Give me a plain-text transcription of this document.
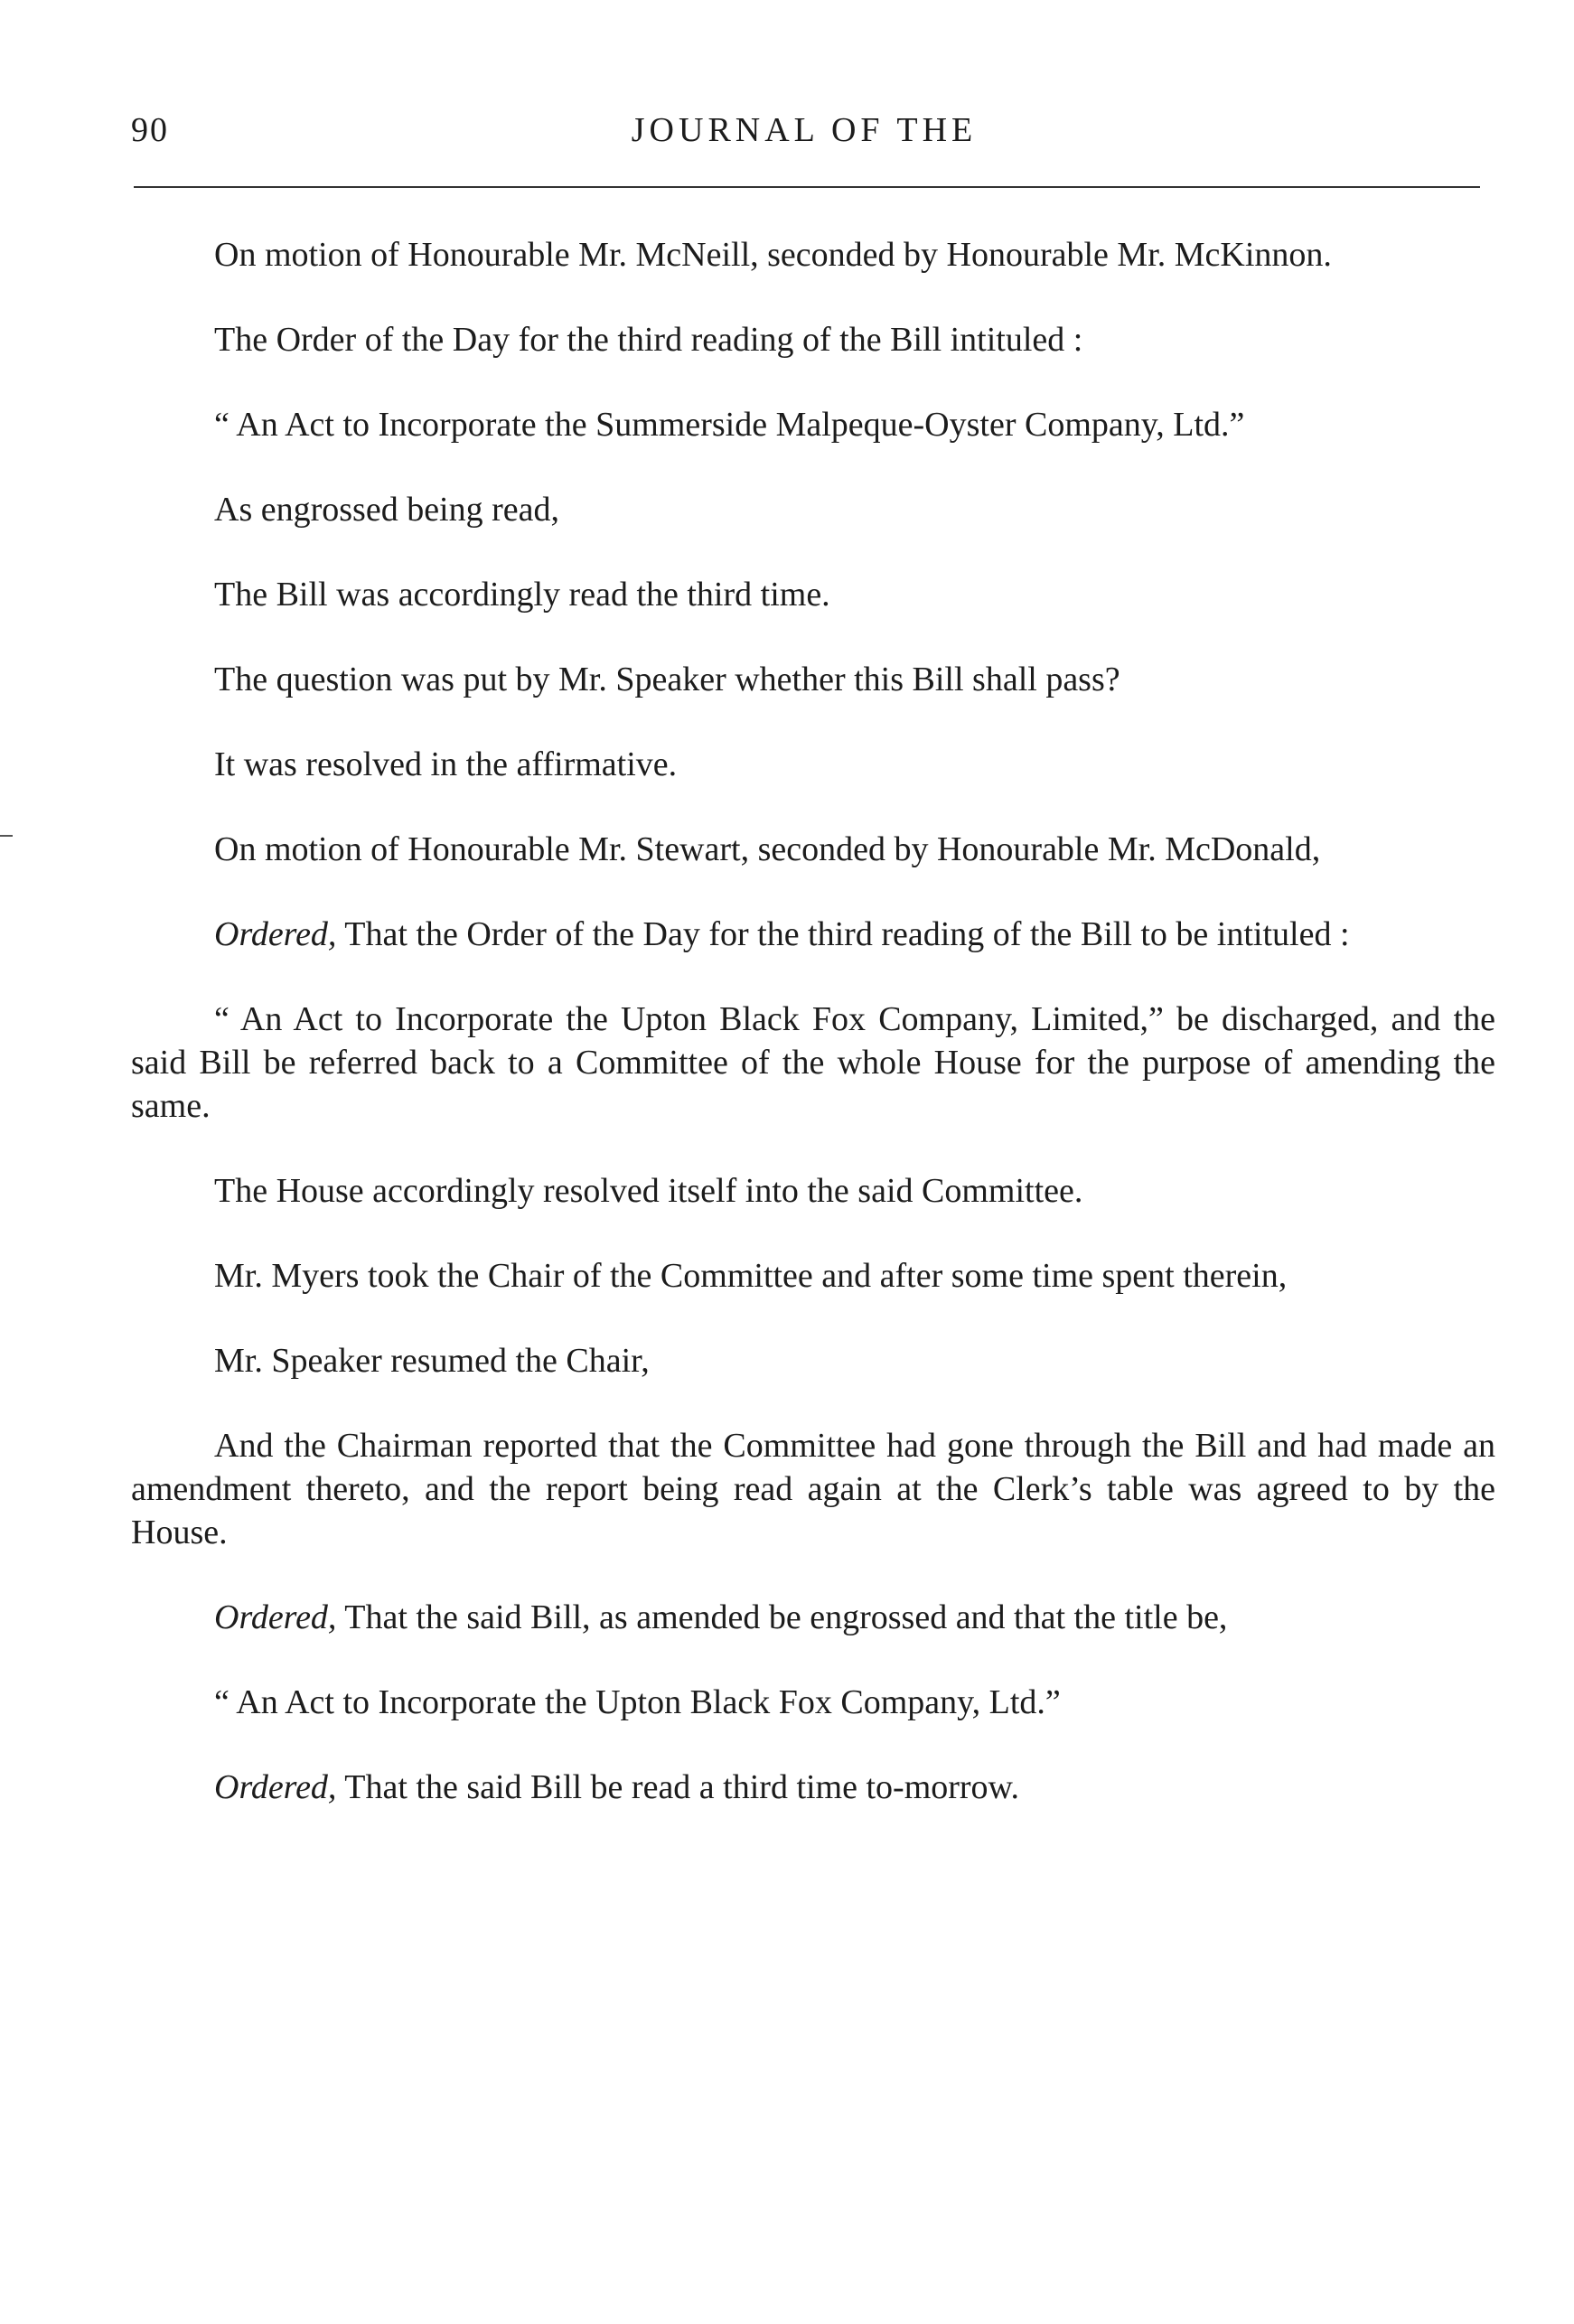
90	JOURNAL OF THE

On motion of Honourable Mr. McNeill, seconded by Honourable Mr. McKinnon.

The Order of the Day for the third reading of the Bill intituled :

“ An Act to Incorporate the Summerside Malpeque-Oyster Company, Ltd.”

As engrossed being read,

The Bill was accordingly read the third time.

The question was put by Mr. Speaker whether this Bill shall pass?

It was resolved in the affirmative.

On motion of Honourable Mr. Stewart, seconded by Honourable Mr. McDonald,

Ordered, That the Order of the Day for the third reading of the Bill to be intituled :

“ An Act to Incorporate the Upton Black Fox Company, Limited,” be discharged, and the said Bill be referred back to a Committee of the whole House for the purpose of amending the same.

The House accordingly resolved itself into the said Committee.

Mr. Myers took the Chair of the Committee and after some time spent therein,

Mr. Speaker resumed the Chair,

And the Chairman reported that the Committee had gone through the Bill and had made an amendment thereto, and the report being read again at the Clerk’s table was agreed to by the House.

Ordered, That the said Bill, as amended be engrossed and that the title be,

“ An Act to Incorporate the Upton Black Fox Company, Ltd.”

Ordered, That the said Bill be read a third time to-morrow.
